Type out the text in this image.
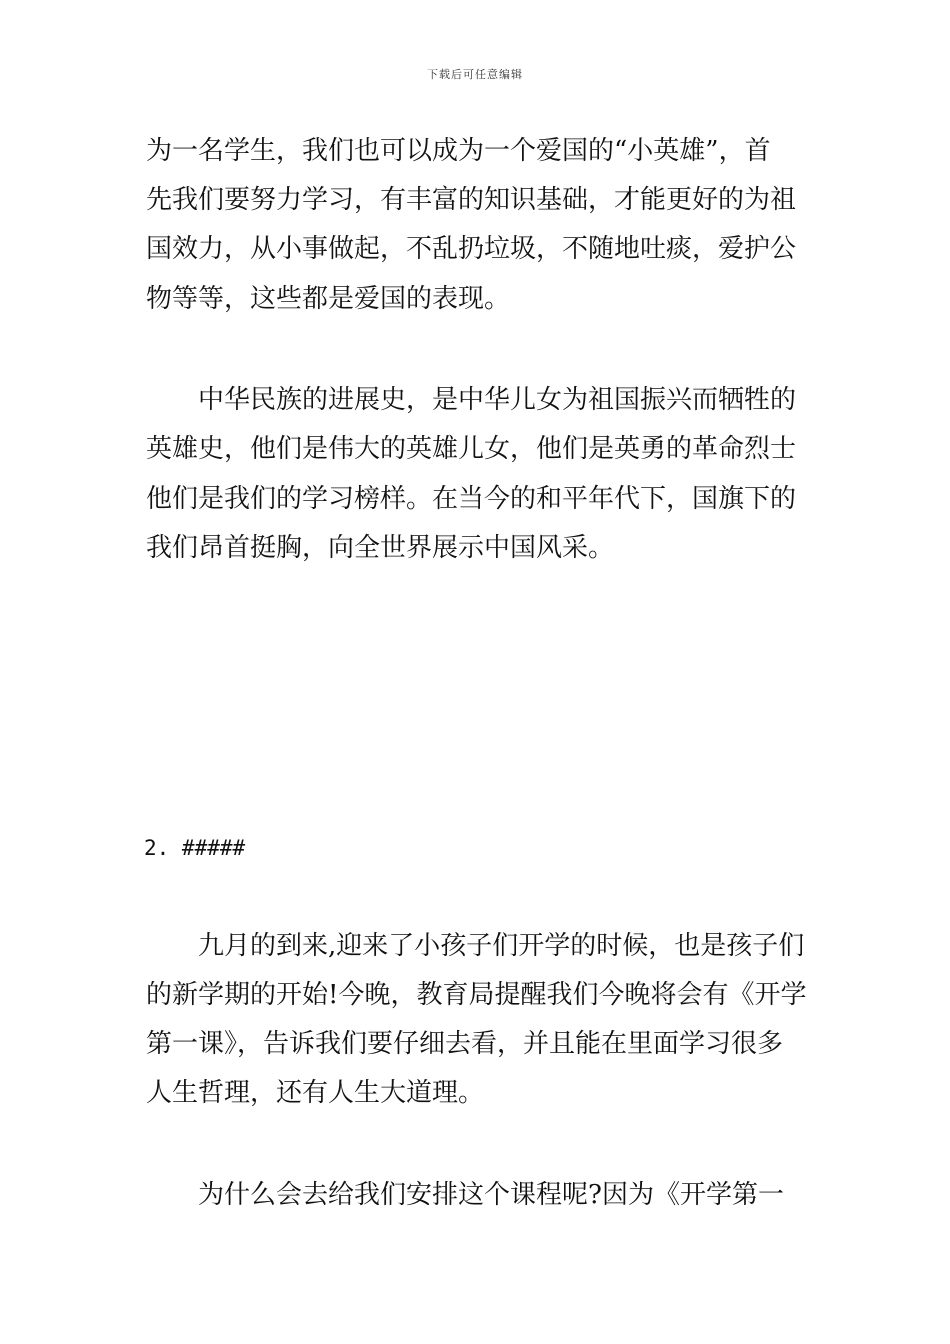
下载后可任意编辑
为一名学生，我们也可以成为一个爱国的“小英雄”，首
先我们要努力学习，有丰富的知识基础，才能更好的为祖
国效力，从小事做起，不乱扔垃圾，不随地吐痰，爱护公
物等等，这些都是爱国的表现。
中华民族的进展史，是中华儿女为祖国振兴而牺牲的
英雄史，他们是伟大的英雄儿女，他们是英勇的革命烈士
他们是我们的学习榜样。在当今的和平年代下，国旗下的
我们昂首挺胸，向全世界展示中国风采。
2. #####
九月的到来,迎来了小孩子们开学的时候，也是孩子们
的新学期的开始!今晚，教育局提醒我们今晚将会有《开学
第一课》，告诉我们要仔细去看，并且能在里面学习很多
人生哲理，还有人生大道理。
为什么会去给我们安排这个课程呢?因为《开学第一
